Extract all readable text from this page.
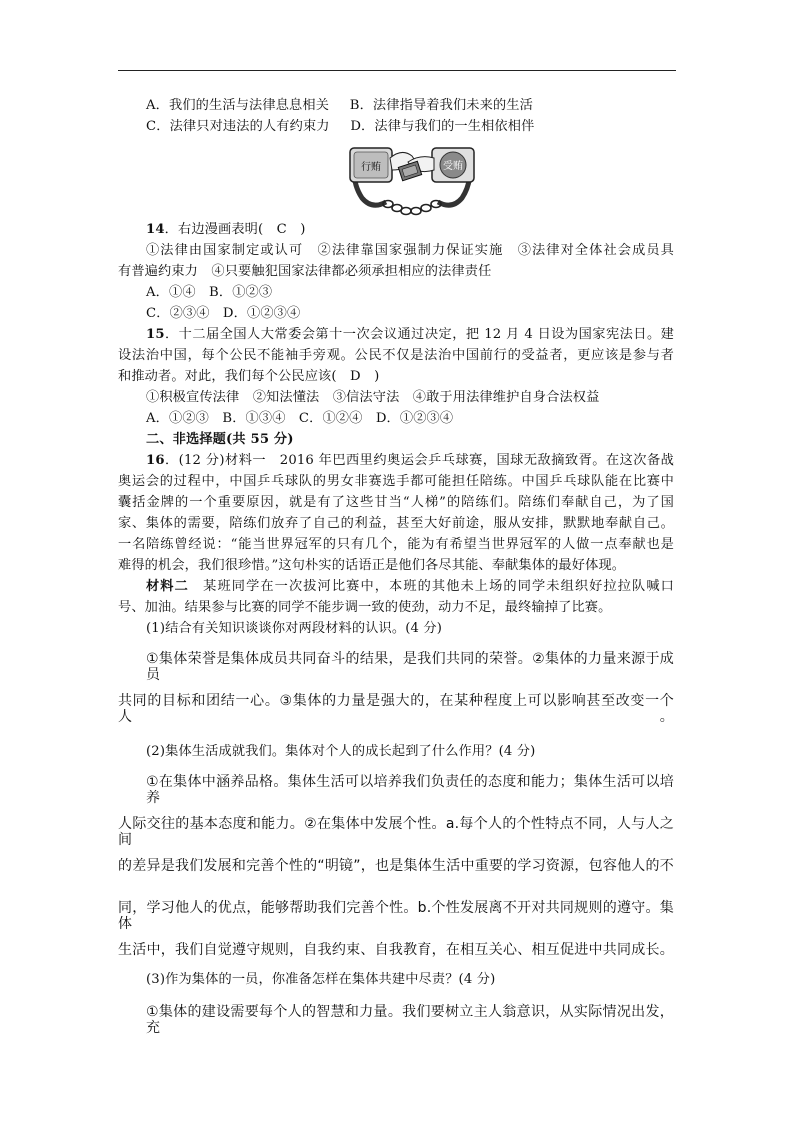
A．我们的生活与法律息息相关 B．法律指导着我们未来的生活
C．法律只对违法的人有约束力 D．法律与我们的一生相依相伴
行贿	受贿
14．右边漫画表明(　C　)
①法律由国家制定或认可　②法律靠国家强制力保证实施　③法律对全体社会成员具
有普遍约束力　④只要触犯国家法律都必须承担相应的法律责任
A．①④　B．①②③
C．②③④　D．①②③④
15．十二届全国人大常委会第十一次会议通过决定，把 12 月 4 日设为国家宪法日。建
设法治中国，每个公民不能袖手旁观。公民不仅是法治中国前行的受益者，更应该是参与者
和推动者。对此，我们每个公民应该(　D　)
①积极宣传法律　②知法懂法　③信法守法　④敢于用法律维护自身合法权益
A．①②③　B．①③④　C．①②④　D．①②③④
二、非选择题(共 55 分)
16．(12 分)材料一　2016 年巴西里约奥运会乒乓球赛，国球无敌摘致胥。在这次备战
奥运会的过程中，中国乒乓球队的男女非赛选手都可能担任陪练。中国乒乓球队能在比赛中
囊括金牌的一个重要原因，就是有了这些甘当“人梯”的陪练们。陪练们奉献自己，为了国
家、集体的需要，陪练们放弃了自己的利益，甚至大好前途，服从安排，默默地奉献自己。
一名陪练曾经说：“能当世界冠军的只有几个，能为有希望当世界冠军的人做一点奉献也是
难得的机会，我们很珍惜。”这句朴实的话语正是他们各尽其能、奉献集体的最好体现。
材料二　某班同学在一次拔河比赛中，本班的其他未上场的同学未组织好拉拉队喊口
号、加油。结果参与比赛的同学不能步调一致的使劲，动力不足，最终输掉了比赛。
(1)结合有关知识谈谈你对两段材料的认识。(4 分)
①集体荣誉是集体成员共同奋斗的结果，是我们共同的荣誉。②集体的力量来源于成员
共同的目标和团结一心。③集体的力量是强大的，在某种程度上可以影响甚至改变一个人。
(2)集体生活成就我们。集体对个人的成长起到了什么作用？(4 分)
①在集体中涵养品格。集体生活可以培养我们负责任的态度和能力；集体生活可以培养
人际交往的基本态度和能力。②在集体中发展个性。a.每个人的个性特点不同，人与人之间
的差异是我们发展和完善个性的“明镜”，也是集体生活中重要的学习资源，包容他人的不
同，学习他人的优点，能够帮助我们完善个性。b.个性发展离不开对共同规则的遵守。集体
生活中，我们自觉遵守规则，自我约束、自我教育，在相互关心、相互促进中共同成长。
(3)作为集体的一员，你准备怎样在集体共建中尽责？(4 分)
①集体的建设需要每个人的智慧和力量。我们要树立主人翁意识，从实际情况出发，充
